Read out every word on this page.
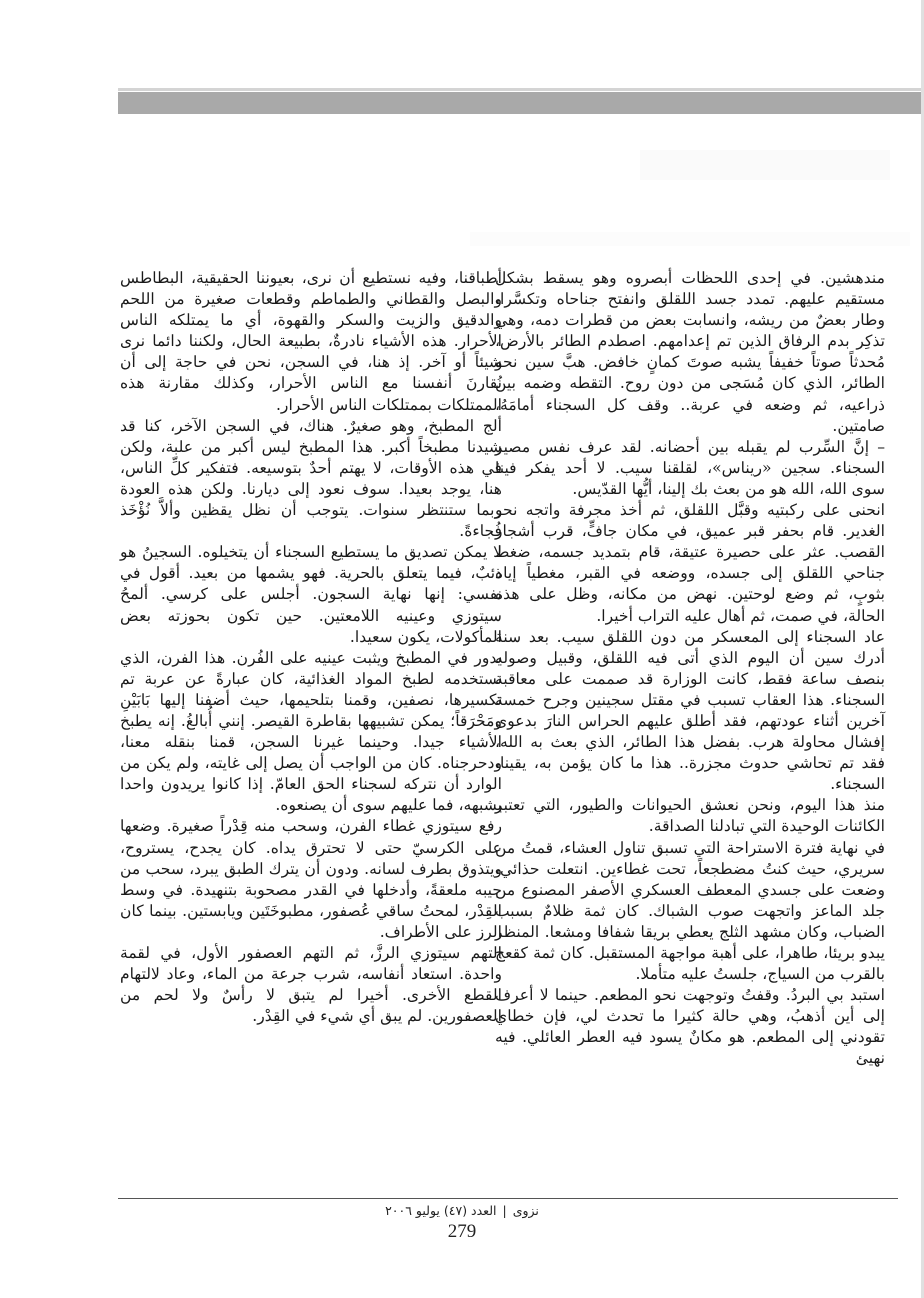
مندهشين. في إحدى اللحظات أبصروه وهو يسقط بشكل مستقيم عليهم. تمدد جسد اللقلق وانفتح جناحاه وتكسَّرا، وطار بعضٌ من ريشه، وانسابت بعض من قطرات دمه، وهي تذكِر بدم الرفاق الذين تم إعدامهم. اصطدم الطائر بالأرض، مُحدثاً صوتاً خفيفاً يشبه صوتَ كمانٍ خافض. هبَّ سين نحو الطائر، الذي كان مُسَجى من دون روح. التقطه وضمه بين ذراعيه، ثم وضعه في عربة.. وقف كل السجناء أمامَهُ، صامتين.

– إنَّ السِّرب لم يقبله بين أحضانه. لقد عرف نفس مصير السجناء. سجين «ريناس»، لقلقنا سيب. لا أحد يفكر فينا سوى الله، الله هو من بعث بك إلينا، أيُّها القدّيس.

انحنى على ركبتيه وقبَّل اللقلق، ثم أخذ مجرفة واتجه نحو الغدير. قام بحفر قبر عميق، في مكان جافٍّ، قرب أشجار القصب. عثر على حصيرة عتيقة، قام بتمديد جسمه، ضغط جناحي اللقلق إلى جسده، ووضعه في القبر، مغطياً إياه بثوبٍ، ثم وضع لوحتين. نهض من مكانه، وظل على هذه الحالة، في صمت، ثم أهال عليه التراب أخيرا.

عاد السجناء إلى المعسكر من دون اللقلق سيب. بعد سنة أدرك سين أن اليوم الذي أتى فيه اللقلق، وقبيل وصوله بنصف ساعة فقط، كانت الوزارة قد صممت على معاقبة السجناء. هذا العقاب تسبب في مقتل سجينين وجرح خمسة آخرين أثناء عودتهم، فقد أطلق عليهم الحراس النارَ بدعوى إفشال محاولة هرب. بفضل هذا الطائر، الذي بعث به الله، فقد تم تحاشي حدوث مجزرة.. هذا ما كان يؤمن به، يقينا، السجناء.

منذ هذا اليوم، ونحن نعشق الحيوانات والطيور، التي تعتبر الكائنات الوحيدة التي تبادلنا الصداقة.

في نهاية فترة الاستراحة التي تسبق تناول العشاء، قمتُ من سريري، حيث كنتُ مضطجعاً، تحت غطاءين. انتعلت حذائي، وضعت على جسدي المعطف العسكري الأصفر المصنوع من جلد الماعز واتجهت صوب الشباك. كان ثمة ظلامٌ بسبب الضباب، وكان مشهد الثلج يعطي بريقا شفافا ومشعا. المنظر يبدو بريئا، طاهرا، على أهبة مواجهة المستقبل. كان ثمة كقعج بالقرب من السياج، جلستُ عليه متأملا.

استبد بي البردُ. وقفتُ وتوجهت نحو المطعم. حينما لا أعرف إلى أين أذهبُ، وهي حالة كثيرا ما تحدث لي، فإن خطاي تقودني إلى المطعم. هو مكانٌ يسود فيه العطر العائلي. فيه نهيئ

أطباقنا، وفيه نستطيع أن نرى، بعيوننا الحقيقية، البطاطس والبصل والقطاني والطماطم وقطعات صغيرة من اللحم والدقيق والزيت والسكر والقهوة، أي ما يمتلكه الناس الأحرار. هذه الأشياء نادرةٌ، بطبيعة الحال، ولكننا دائما نرى شيئاً أو آخر. إذ هنا، في السجن، نحن في حاجة إلى أن نُقارنَ أنفسنا مع الناس الأحرار، وكذلك مقارنة هذه الممتلكات بممتلكات الناس الأحرار.

ألج المطبخ، وهو صغيرٌ. هناك، في السجن الآخر، كنا قد شيدنا مطبخاً أكبر. هذا المطبخ ليس أكبر من علبة، ولكن في هذه الأوقات، لا يهتم أحدٌ بتوسيعه. فتفكير كلِّ الناس، هنا، يوجد بعيدا. سوف نعود إلى ديارنا. ولكن هذه العودة ربما ستنتظر سنوات. يتوجب أن نظل يقظين وألاَّ نُؤْخَذ فُجاءةً.

لا يمكن تصديق ما يستطيع السجناء أن يتخيلوه. السجينُ هو ذئبٌ، فيما يتعلق بالحرية. فهو يشمها من بعيد. أقول في نفسي: إنها نهاية السجون. أجلس على كرسي. ألمحُ سيتوزي وعينيه اللامعتين. حين تكون بحوزته بعض المأكولات، يكون سعيدا.

يدور في المطبخ ويثبت عينيه على الفُرن. هذا الفرن، الذي نستخدمه لطبخ المواد الغذائية، كان عبارةً عن عربة تم تكسيرها، نصفين، وقمنا بتلحيمها، حيث أضفنا إليها بَابَيْنِ ومَحْرَقاً؛ يمكن تشبيهها بقاطرة القيصر. إنني أُبالغُ. إنه يطبخ الأشياء جيدا. وحينما غيرنا السجن، قمنا بنقله معنا، ودحرجناه. كان من الواجب أن يصل إلى غايته، ولم يكن من الوارد أن نتركه لسجناء الحق العامّ. إذا كانوا يريدون واحدا يشبهه، فما عليهم سوى أن يصنعوه.

رفع سيتوزي غطاء الفرن، وسحب منه قِدْراً صغيرة. وضعها على الكرسيّ حتى لا تحترق يداه. كان يجدح، يستروح، ويتذوق بطرف لسانه. ودون أن يترك الطبق يبرد، سحب من جيبه ملعقةً، وأدخلها في القدر مصحوبة بتنهيدة. في وسط القِدْر، لمحتُ ساقي عُصفور، مطبوخَتَين ويابستين. بينما كان الرز على الأطراف.

التهم سيتوزي الرزَّ، ثم التهم العصفور الأول، في لقمة واحدة. استعاد أنفاسه، شرب جرعة من الماء، وعاد لالتهام القطع الأخرى. أخيرا لم يتبق لا رأسٌ ولا لحم من العصفورين. لم يبق أي شيء في القِدْر.

نزوى|العدد (٤٧) يوليو ٢٠٠٦
279
